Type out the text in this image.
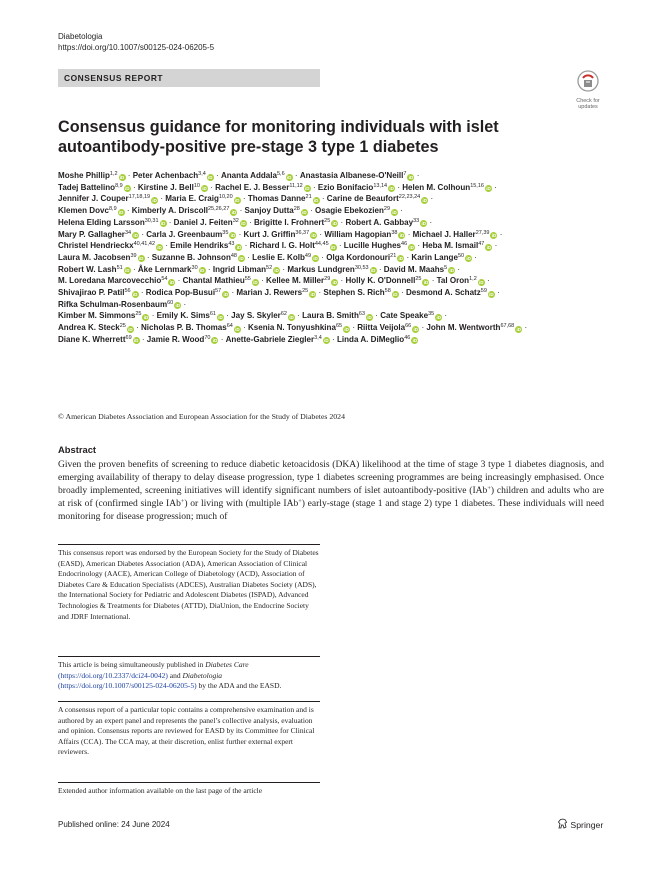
Diabetologia
https://doi.org/10.1007/s00125-024-06205-5
CONSENSUS REPORT
Check for updates
Consensus guidance for monitoring individuals with islet autoantibody-positive pre-stage 3 type 1 diabetes
Moshe Phillip$^{1,2}$ iD · Peter Achenbach$^{3,4}$ iD · Ananta Addala$^{5,6}$ iD · Anastasia Albanese-O'Neill$^7$ iD ·
Tadej Battelino$^{8,9}$ iD · Kirstine J. Bell$^{10}$ iD · Rachel E. J. Besser$^{11,12}$ iD · Ezio Bonifacio$^{13,14}$ iD · Helen M. Colhoun$^{15,16}$ iD ·
Jennifer J. Couper$^{17,18,19}$ iD · Maria E. Craig$^{10,20}$ iD · Thomas Danne$^{21}$ iD · Carine de Beaufort$^{22,23,24}$ iD ·
Klemen Dovc$^{8,9}$ iD · Kimberly A. Driscoll$^{25,26,27}$ iD · Sanjoy Dutta$^{28}$ iD · Osagie Ebekozien$^{29}$ iD ·
Helena Elding Larsson$^{30,31}$ iD · Daniel J. Feiten$^{32}$ iD · Brigitte I. Frohnert$^{25}$ iD · Robert A. Gabbay$^{33}$ iD ·
Mary P. Gallagher$^{34}$ iD · Carla J. Greenbaum$^{35}$ iD · Kurt J. Griffin$^{36,37}$ iD · William Hagopian$^{38}$ iD · Michael J. Haller$^{27,39}$ iD ·
Christel Hendrieckx$^{40,41,42}$ iD · Emile Hendriks$^{43}$ iD · Richard I. G. Holt$^{44,45}$ iD · Lucille Hughes$^{46}$ iD · Heba M. Ismail$^{47}$ iD ·
Laura M. Jacobsen$^{39}$ iD · Suzanne B. Johnson$^{48}$ iD · Leslie E. Kolb$^{49}$ iD · Olga Kordonouri$^{21}$ iD · Karin Lange$^{50}$ iD ·
Robert W. Lash$^{51}$ iD · Åke Lernmark$^{30}$ iD · Ingrid Libman$^{52}$ iD · Markus Lundgren$^{30,53}$ iD · David M. Maahs$^5$ iD ·
M. Loredana Marcovecchio$^{54}$ iD · Chantal Mathieu$^{55}$ iD · Kellee M. Miller$^{29}$ iD · Holly K. O'Donnell$^{25}$ iD · Tal Oron$^{1,2}$ iD ·
Shivajirao P. Patil$^{56}$ iD · Rodica Pop-Busui$^{57}$ iD · Marian J. Rewers$^{25}$ iD · Stephen S. Rich$^{58}$ iD · Desmond A. Schatz$^{59}$ iD · Rifka Schulman-Rosenbaum$^{60}$ iD ·
Kimber M. Simmons$^{25}$ iD · Emily K. Sims$^{61}$ iD · Jay S. Skyler$^{62}$ iD · Laura B. Smith$^{63}$ iD · Cate Speake$^{35}$ iD ·
Andrea K. Steck$^{25}$ iD · Nicholas P. B. Thomas$^{64}$ iD · Ksenia N. Tonyushkina$^{65}$ iD · Riitta Veijola$^{66}$ iD · John M. Wentworth$^{67,68}$ iD ·
Diane K. Wherrett$^{69}$ iD · Jamie R. Wood$^{70}$ iD · Anette-Gabriele Ziegler$^{3,4}$ iD · Linda A. DiMeglio$^{46}$ iD
© American Diabetes Association and European Association for the Study of Diabetes 2024
Abstract

Given the proven benefits of screening to reduce diabetic ketoacidosis (DKA) likelihood at the time of stage 3 type 1 diabetes diagnosis, and emerging availability of therapy to delay disease progression, type 1 diabetes screening programmes are being increasingly emphasised. Once broadly implemented, screening initiatives will identify significant numbers of islet autoantibody-positive (IAb+) children and adults who are at risk of (confirmed single IAb+) or living with (multiple IAb+) early-stage (stage 1 and stage 2) type 1 diabetes. These individuals will need monitoring for disease progression; much of

This consensus report was endorsed by the European Society for the Study of Diabetes (EASD), American Diabetes Association (ADA), American Association of Clinical Endocrinology (AACE), American College of Diabetology (ACD), Association of Diabetes Care & Education Specialists (ADCES), Australian Diabetes Society (ADS), the International Society for Pediatric and Adolescent Diabetes (ISPAD), Advanced Technologies & Treatments for Diabetes (ATTD), DiaUnion, the Endocrine Society and JDRF International.

This article is being simultaneously published in Diabetes Care (https://doi.org/10.2337/dci24-0042) and Diabetologia (https://doi.org/10.1007/s00125-024-06205-5) by the ADA and the EASD.

A consensus report of a particular topic contains a comprehensive examination and is authored by an expert panel and represents the panel’s collective analysis, evaluation and opinion. Consensus reports are reviewed for EASD by its Committee for Clinical Affairs (CCA). The CCA may, at their discretion, enlist further external expert reviewers.

Extended author information available on the last page of the article

Published online: 24 June 2024	Springer
